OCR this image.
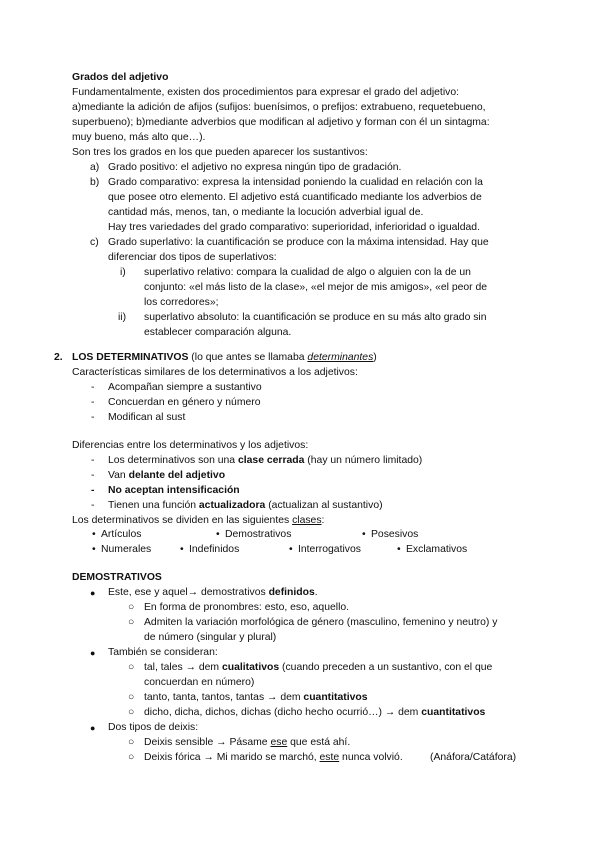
Grados del adjetivo
Fundamentalmente, existen dos procedimientos para expresar el grado del adjetivo:
a)mediante la adición de afijos (sufijos: buenísimos, o prefijos: extrabueno, requetebueno,
superbueno); b)mediante adverbios que modifican al adjetivo y forman con él un sintagma:
muy bueno, más alto que…).
Son tres los grados en los que pueden aparecer los sustantivos:
a) Grado positivo: el adjetivo no expresa ningún tipo de gradación.
b) Grado comparativo: expresa la intensidad poniendo la cualidad en relación con la
que posee otro elemento. El adjetivo está cuantificado mediante los adverbios de
cantidad más, menos, tan, o mediante la locución adverbial igual de.
Hay tres variedades del grado comparativo: superioridad, inferioridad o igualdad.
c) Grado superlativo: la cuantificación se produce con la máxima intensidad. Hay que
diferenciar dos tipos de superlativos:
i) superlativo relativo: compara la cualidad de algo o alguien con la de un
conjunto: «el más listo de la clase», «el mejor de mis amigos», «el peor de
los corredores»;
ii) superlativo absoluto: la cuantificación se produce en su más alto grado sin
establecer comparación alguna.
2. LOS DETERMINATIVOS (lo que antes se llamaba determinantes)
Características similares de los determinativos a los adjetivos:
- Acompañan siempre a sustantivo
- Concuerdan en género y número
- Modifican al sust
Diferencias entre los determinativos y los adjetivos:
- Los determinativos son una clase cerrada (hay un número limitado)
- Van delante del adjetivo
- No aceptan intensificación
- Tienen una función actualizadora (actualizan al sustantivo)
Los determinativos se dividen en las siguientes clases:
• Artículos	• Demostrativos	• Posesivos
• Numerales	• Indefinidos	• Interrogativos	• Exclamativos
DEMOSTRATIVOS
● Este, ese y aquel→ demostrativos definidos.
○ En forma de pronombres: esto, eso, aquello.
○ Admiten la variación morfológica de género (masculino, femenino y neutro) y
de número (singular y plural)
● También se consideran:
○ tal, tales → dem cualitativos (cuando preceden a un sustantivo, con el que
concuerdan en número)
○ tanto, tanta, tantos, tantas → dem cuantitativos
○ dicho, dicha, dichos, dichas (dicho hecho ocurrió…) → dem cuantitativos
● Dos tipos de deixis:
○ Deixis sensible → Pásame ese que está ahí.
○ Deixis fórica → Mi marido se marchó, este nunca volvió.	(Anáfora/Catáfora)
